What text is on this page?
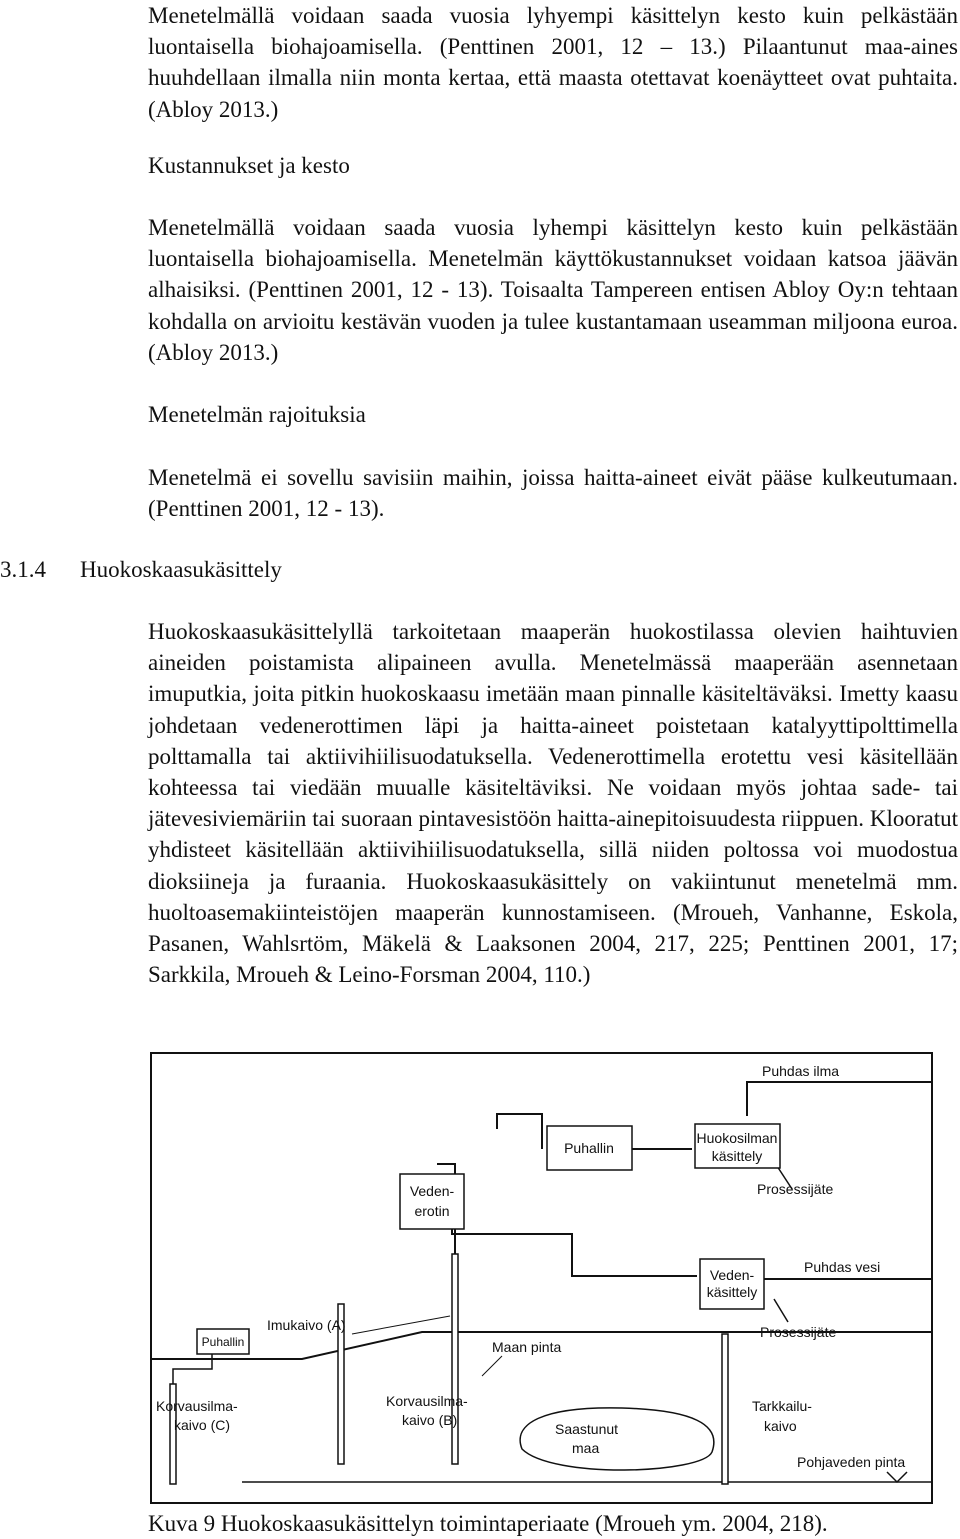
Menetelmällä voidaan saada vuosia lyhyempi käsittelyn kesto kuin pelkästään luontaisella biohajoamisella. (Penttinen 2001, 12 – 13.) Pilaantunut maa-aines huuhdellaan ilmalla niin monta kertaa, että maasta otettavat koenäytteet ovat puhtaita. (Abloy 2013.)

Kustannukset ja kesto

Menetelmällä voidaan saada vuosia lyhempi käsittelyn kesto kuin pelkästään luontaisella biohajoamisella. Menetelmän käyttökustannukset voidaan katsoa jäävän alhaisiksi. (Penttinen 2001, 12 - 13). Toisaalta Tampereen entisen Abloy Oy:n tehtaan kohdalla on arvioitu kestävän vuoden ja tulee kustantamaan useamman miljoona euroa. (Abloy 2013.)

Menetelmän rajoituksia

Menetelmä ei sovellu savisiin maihin, joissa haitta-aineet eivät pääse kulkeutumaan. (Penttinen 2001, 12 - 13).

3.1.4 Huokoskaasukäsittely

Huokoskaasukäsittelyllä tarkoitetaan maaperän huokostilassa olevien haihtuvien aineiden poistamista alipaineen avulla. Menetelmässä maaperään asennetaan imuputkia, joita pitkin huokoskaasu imetään maan pinnalle käsiteltäväksi. Imetty kaasu johdetaan vedenerottimen läpi ja haitta-aineet poistetaan katalyyttipolttimella polttamalla tai aktiivihiilisuodatuksella. Vedenerottimella erotettu vesi käsitellään kohteessa tai viedään muualle käsiteltäviksi. Ne voidaan myös johtaa sade- tai jätevesiviemäriin tai suoraan pintavesistöön haitta-ainepitoisuudesta riippuen. Klooratut yhdisteet käsitellään aktiivihiilisuodatuksella, sillä niiden poltossa voi muodostua dioksiineja ja furaania. Huokoskaasukäsittely on vakiintunut menetelmä mm. huoltoasemakiinteistöjen maaperän kunnostamiseen. (Mroueh, Vanhanne, Eskola, Pasanen, Wahlsrtöm, Mäkelä & Laaksonen 2004, 217, 225; Penttinen 2001, 17; Sarkkila, Mroueh & Leino-Forsman 2004, 110.)

Puhdas ilma
Puhallin
Huokosilman
käsittely
Prosessijäte
Veden-
erotin
Puhdas vesi
Veden-
käsittely
Prosessijäte
Imukaivo (A)
Maan pinta
Puhallin
Korvausilma-
kaivo (C)
Korvausilma-
kaivo (B)
Saastunut
maa
Tarkkailu-
kaivo
Pohjaveden pinta
Kuva 9 Huokoskaasukäsittelyn toimintaperiaate (Mroueh ym. 2004, 218).
